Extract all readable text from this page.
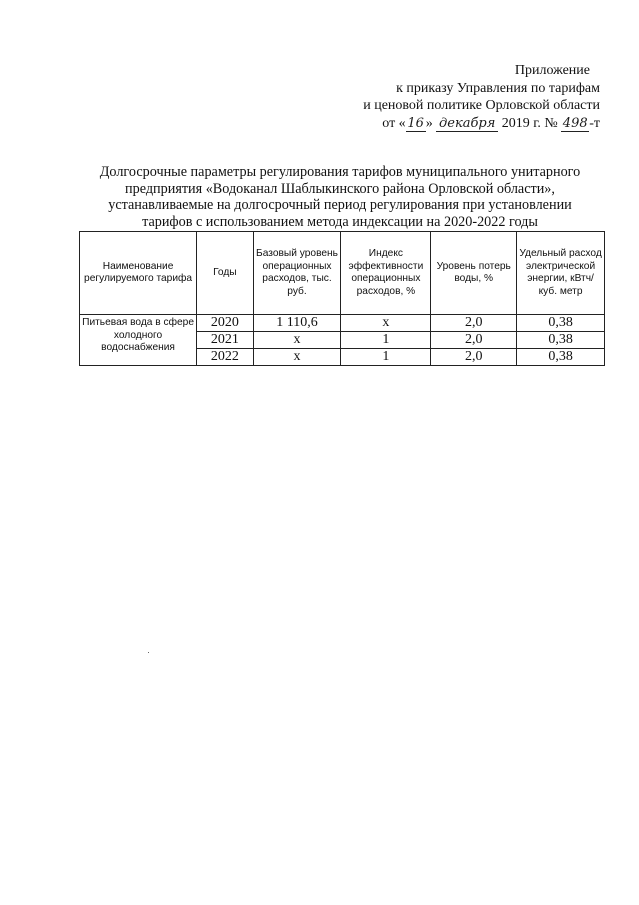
Приложение
к приказу Управления по тарифам
и ценовой политике Орловской области
от « 16 » декабря 2019 г. № 498 -т
Долгосрочные параметры регулирования тарифов муниципального унитарного
предприятия «Водоканал Шаблыкинского района Орловской области»,
устанавливаемые на долгосрочный период регулирования при установлении
тарифов с использованием метода индексации на 2020-2022 годы
Наименование регулируемого тарифа	Годы	Базовый уровень операционных расходов, тыс. руб.	Индекс эффективности операционных расходов, %	Уровень потерь воды, %	Удельный расход электрической энергии, кВтч/куб. метр
Питьевая вода в сфере холодного водоснабжения	2020	1 110,6	х	2,0	0,38
	2021	х	1	2,0	0,38
	2022	х	1	2,0	0,38
